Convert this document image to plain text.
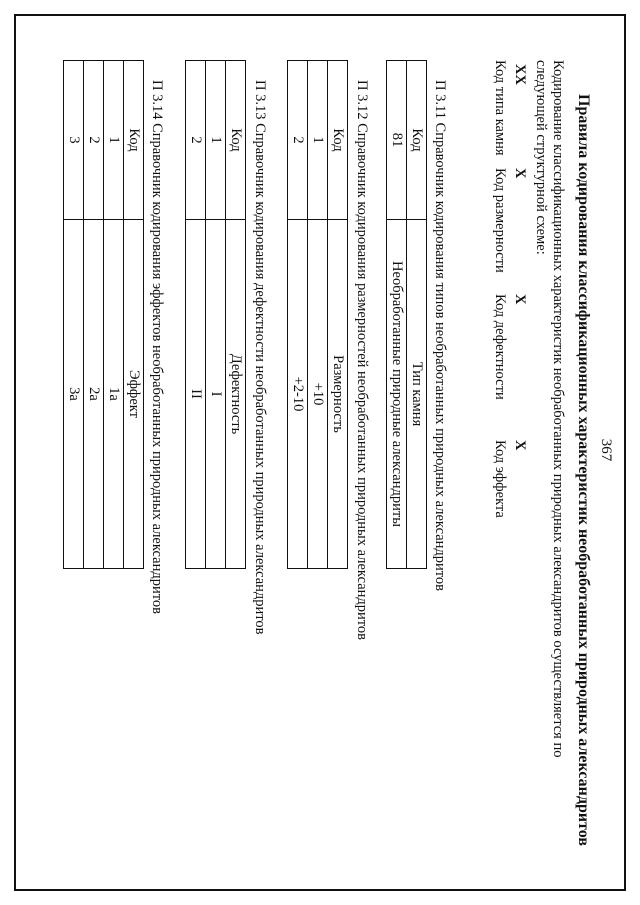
367
Правила кодирования классификационных характеристик необработанных природных александритов
Кодирование классификационных характеристик необработанных природных александритов осуществляется по
следующей структурной схеме:
XX
X
X
X
Код типа камня
Код размерности
Код дефектности
Код эффекта
П 3.11 Справочник кодирования типов необработанных природных александритов
Код	Тип камня
81	Необработанные природные александриты
П 3.12 Справочник кодирования размерностей необработанных природных александритов
Код	Размерность
1	+10
2	+2-10
П 3.13 Справочник кодирования дефектности необработанных природных александритов
Код	Дефектность
1	I
2	II
П 3.14 Справочник кодирования эффектов необработанных природных александритов
Код	Эффект
1	1а
2	2а
3	3а
